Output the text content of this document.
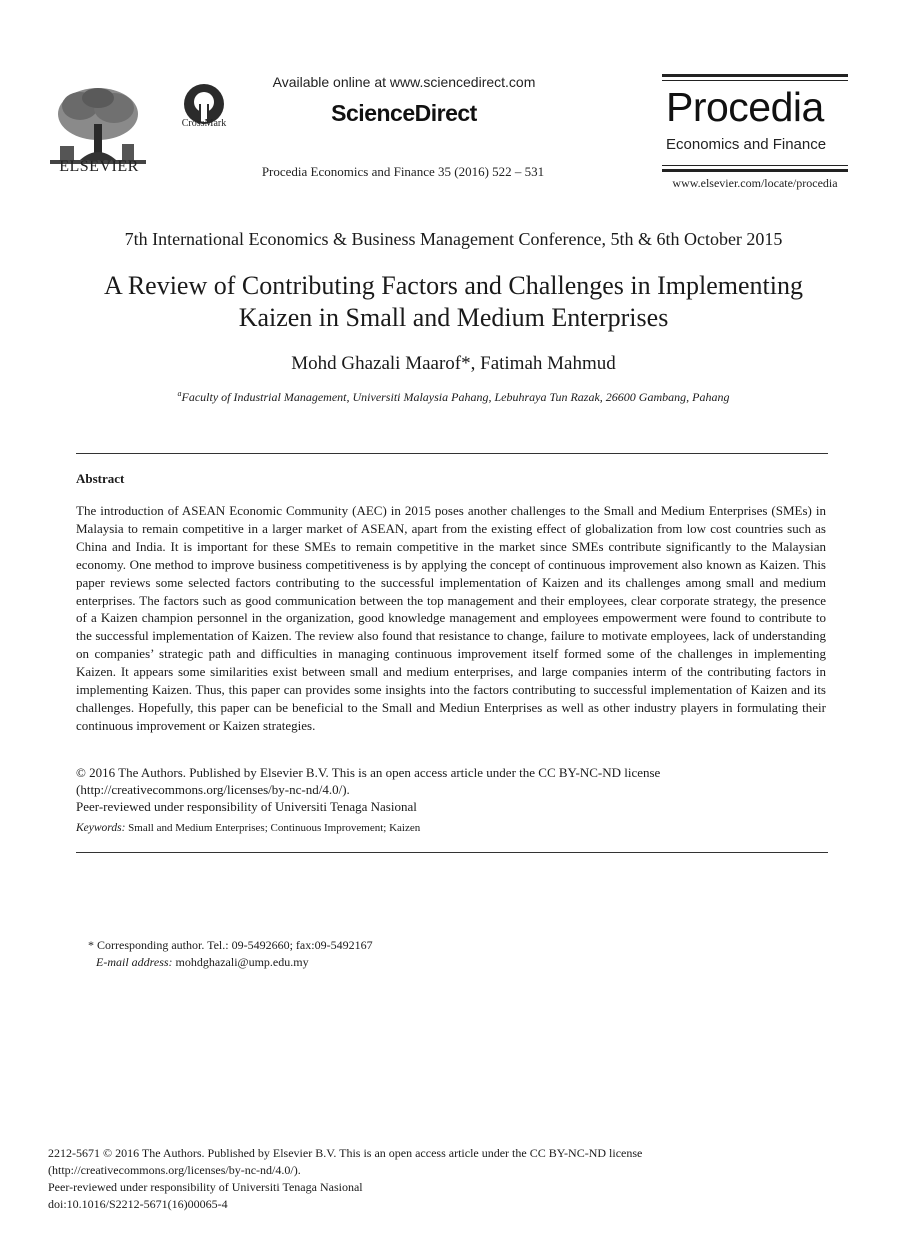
ELSEVIER
CrossMark
Available online at www.sciencedirect.com
ScienceDirect
Procedia Economics and Finance 35 (2016) 522 – 531
Procedia
Economics and Finance
www.elsevier.com/locate/procedia
7th International Economics & Business Management Conference, 5th & 6th October 2015
A Review of Contributing Factors and Challenges in Implementing
Kaizen in Small and Medium Enterprises
Mohd Ghazali Maarof*, Fatimah Mahmud
$^a$Faculty of Industrial Management, Universiti Malaysia Pahang, Lebuhraya Tun Razak, 26600 Gambang, Pahang
Abstract
The introduction of ASEAN Economic Community (AEC) in 2015 poses another challenges to the Small and Medium Enterprises (SMEs) in Malaysia to remain competitive in a larger market of ASEAN, apart from the existing effect of globalization from low cost countries such as China and India. It is important for these SMEs to remain competitive in the market since SMEs contribute significantly to the Malaysian economy. One method to improve business competitiveness is by applying the concept of continuous improvement also known as Kaizen. This paper reviews some selected factors contributing to the successful implementation of Kaizen and its challenges among small and medium enterprises. The factors such as good communication between the top management and their employees, clear corporate strategy, the presence of a Kaizen champion personnel in the organization, good knowledge management and employees empowerment were found to contribute to the successful implementation of Kaizen. The review also found that resistance to change, failure to motivate employees, lack of understanding on companies’ strategic path and difficulties in managing continuous improvement itself formed some of the challenges in implementing Kaizen. It appears some similarities exist between small and medium enterprises, and large companies interm of the contributing factors in implementing Kaizen. Thus, this paper can provides some insights into the factors contributing to successful implementation of Kaizen and its challenges. Hopefully, this paper can be beneficial to the Small and Mediun Enterprises as well as other industry players in formulating their continuous improvement or Kaizen strategies.
© 2016 The Authors. Published by Elsevier B.V. This is an open access article under the CC BY-NC-ND license
(http://creativecommons.org/licenses/by-nc-nd/4.0/).
Peer-reviewed under responsibility of Universiti Tenaga Nasional
Keywords: Small and Medium Enterprises; Continuous Improvement; Kaizen
* Corresponding author. Tel.: 09-5492660; fax:09-5492167
E-mail address: mohdghazali@ump.edu.my
2212-5671 © 2016 The Authors. Published by Elsevier B.V. This is an open access article under the CC BY-NC-ND license
(http://creativecommons.org/licenses/by-nc-nd/4.0/).
Peer-reviewed under responsibility of Universiti Tenaga Nasional
doi:10.1016/S2212-5671(16)00065-4
